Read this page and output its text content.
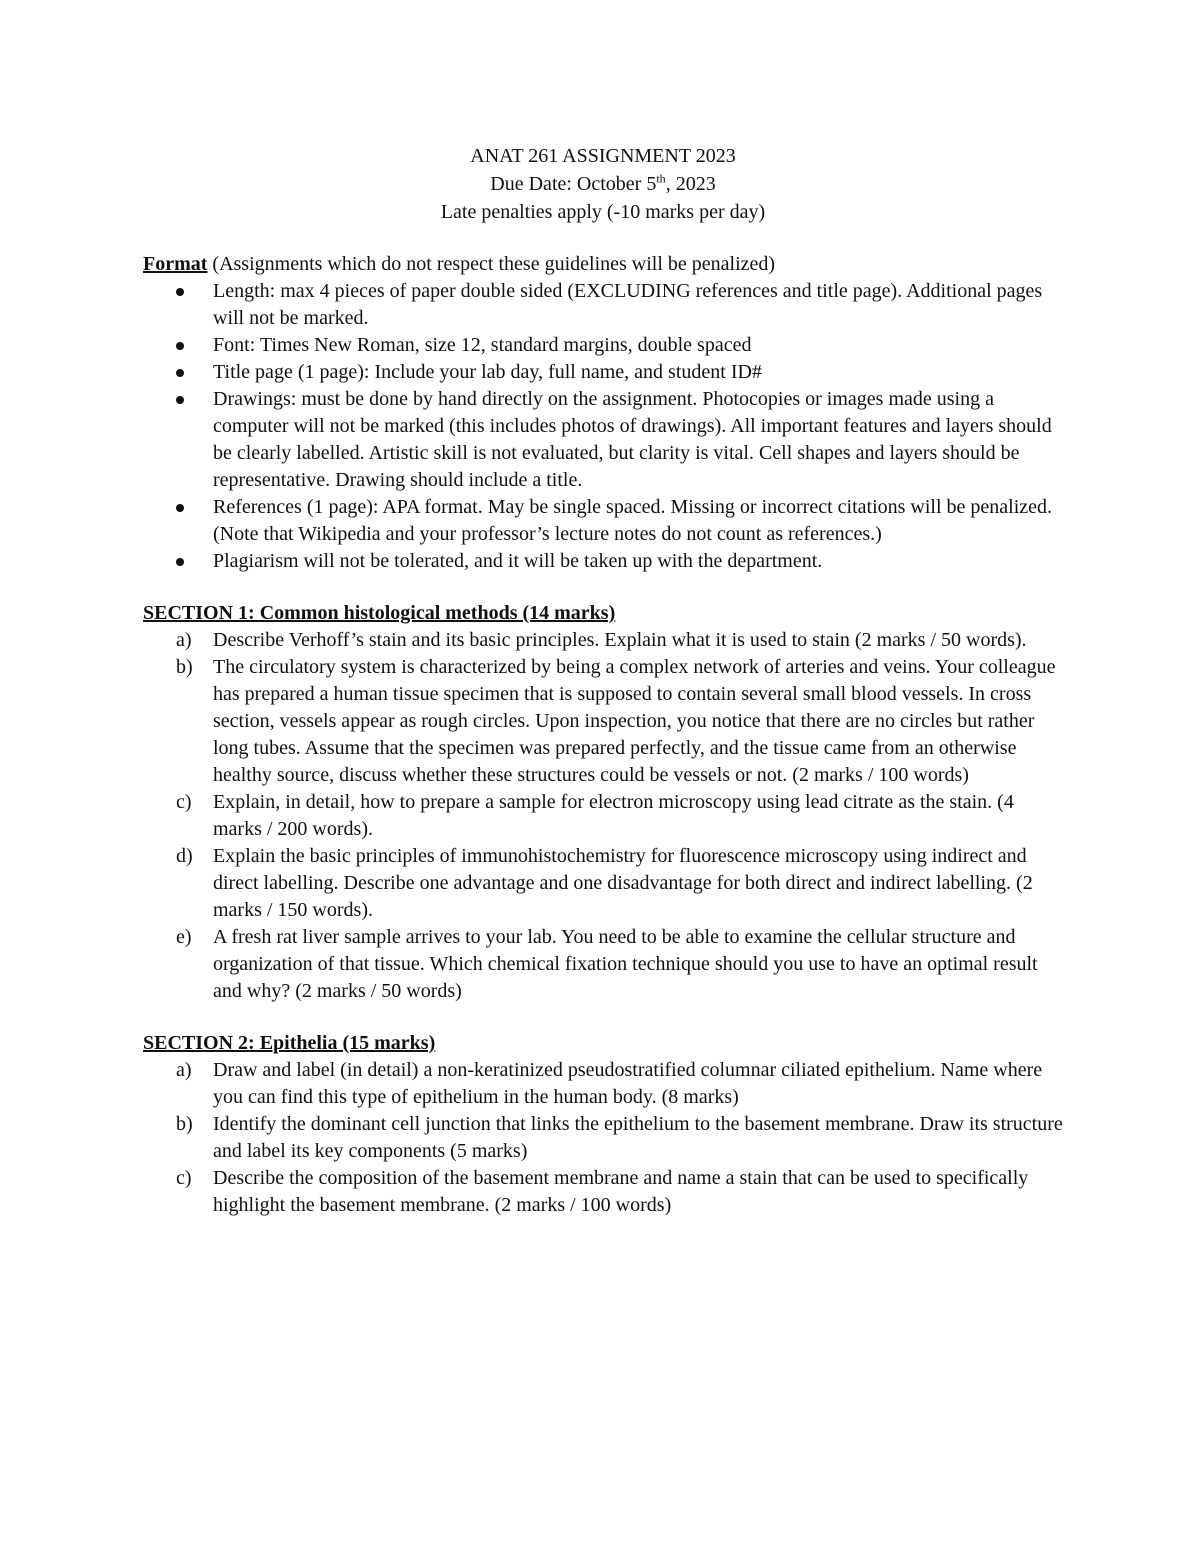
ANAT 261 ASSIGNMENT 2023
Due Date: October 5th, 2023
Late penalties apply (-10 marks per day)
Format (Assignments which do not respect these guidelines will be penalized)
Length: max 4 pieces of paper double sided (EXCLUDING references and title page). Additional pages will not be marked.
Font: Times New Roman, size 12, standard margins, double spaced
Title page (1 page): Include your lab day, full name, and student ID#
Drawings: must be done by hand directly on the assignment. Photocopies or images made using a computer will not be marked (this includes photos of drawings). All important features and layers should be clearly labelled. Artistic skill is not evaluated, but clarity is vital. Cell shapes and layers should be representative. Drawing should include a title.
References (1 page): APA format. May be single spaced. Missing or incorrect citations will be penalized. (Note that Wikipedia and your professor’s lecture notes do not count as references.)
Plagiarism will not be tolerated, and it will be taken up with the department.
SECTION 1: Common histological methods (14 marks)
a) Describe Verhoff’s stain and its basic principles. Explain what it is used to stain (2 marks / 50 words).
b) The circulatory system is characterized by being a complex network of arteries and veins. Your colleague has prepared a human tissue specimen that is supposed to contain several small blood vessels. In cross section, vessels appear as rough circles. Upon inspection, you notice that there are no circles but rather long tubes. Assume that the specimen was prepared perfectly, and the tissue came from an otherwise healthy source, discuss whether these structures could be vessels or not. (2 marks / 100 words)
c) Explain, in detail, how to prepare a sample for electron microscopy using lead citrate as the stain. (4 marks / 200 words).
d) Explain the basic principles of immunohistochemistry for fluorescence microscopy using indirect and direct labelling. Describe one advantage and one disadvantage for both direct and indirect labelling. (2 marks / 150 words).
e) A fresh rat liver sample arrives to your lab. You need to be able to examine the cellular structure and organization of that tissue. Which chemical fixation technique should you use to have an optimal result and why? (2 marks / 50 words)
SECTION 2: Epithelia (15 marks)
a) Draw and label (in detail) a non-keratinized pseudostratified columnar ciliated epithelium. Name where you can find this type of epithelium in the human body. (8 marks)
b) Identify the dominant cell junction that links the epithelium to the basement membrane. Draw its structure and label its key components (5 marks)
c) Describe the composition of the basement membrane and name a stain that can be used to specifically highlight the basement membrane. (2 marks / 100 words)
